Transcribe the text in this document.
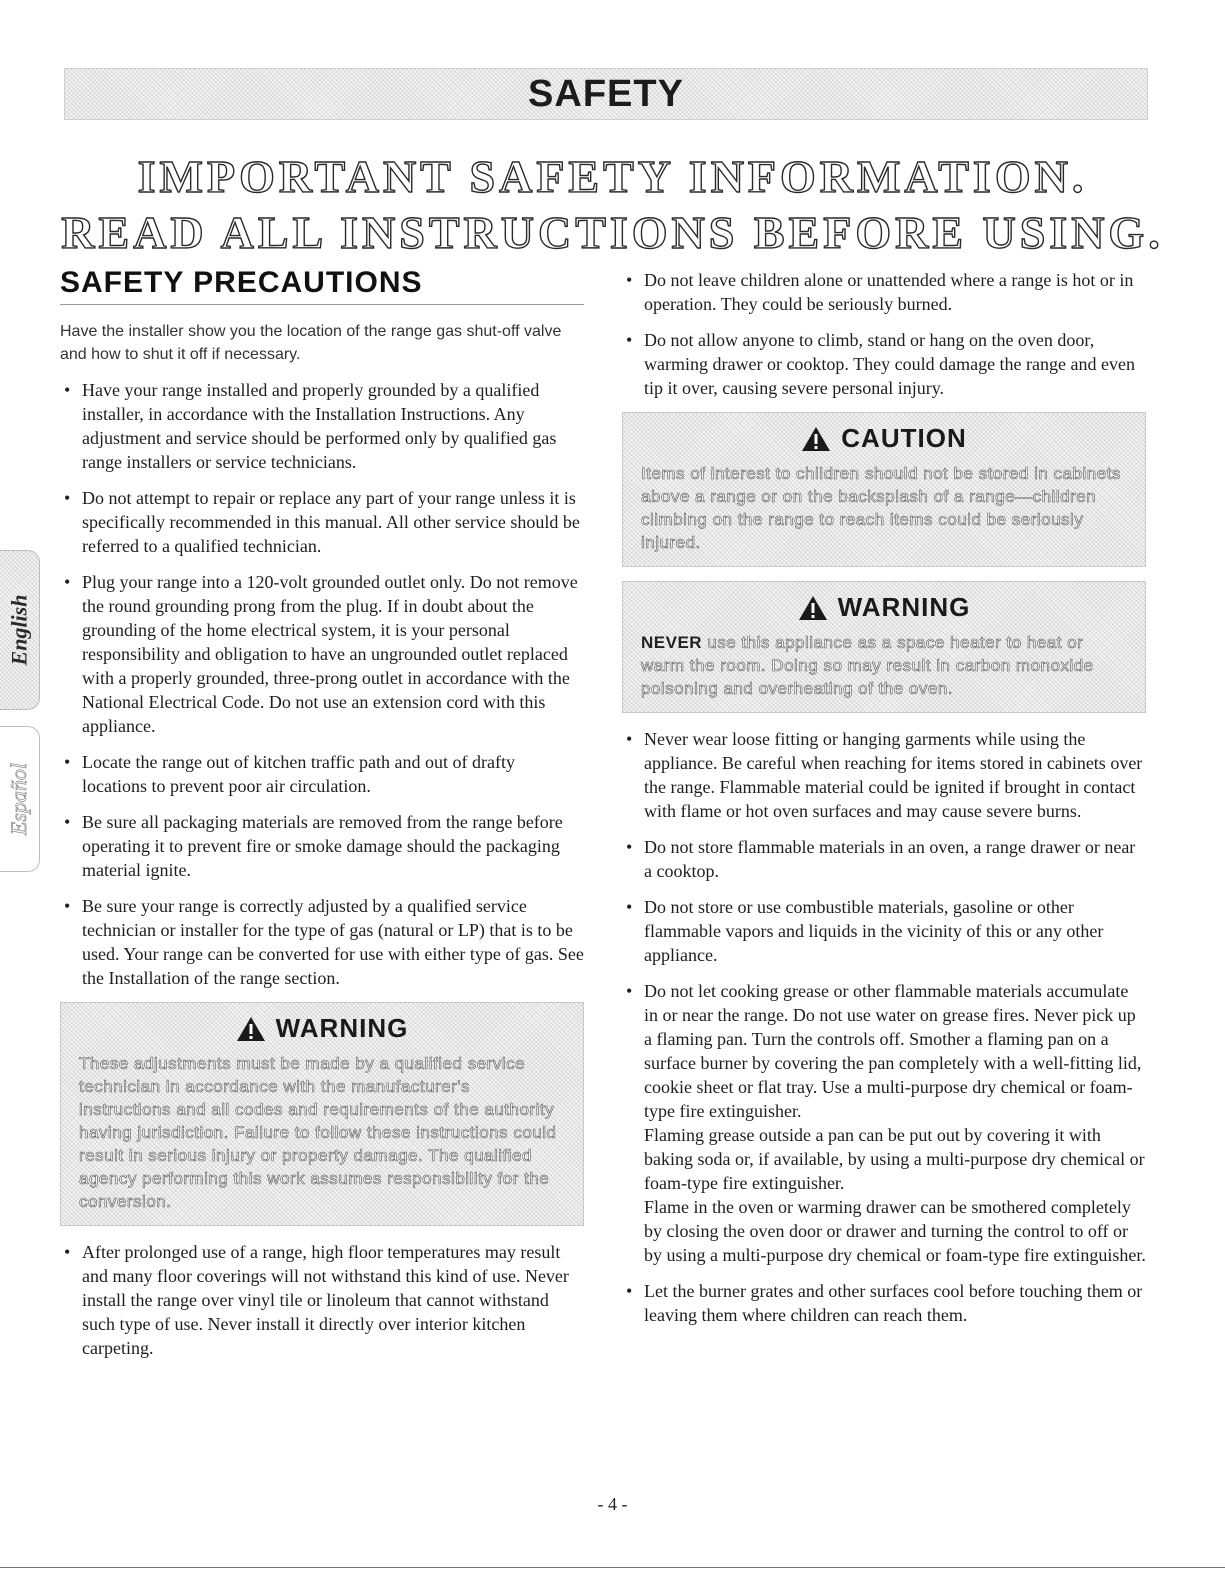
SAFETY
IMPORTANT SAFETY INFORMATION.
READ ALL INSTRUCTIONS BEFORE USING.
SAFETY PRECAUTIONS

Have the installer show you the location of the range gas shut-off valve and how to shut it off if necessary.

• Have your range installed and properly grounded by a qualified installer, in accordance with the Installation Instructions. Any adjustment and service should be performed only by qualified gas range installers or service technicians.
• Do not attempt to repair or replace any part of your range unless it is specifically recommended in this manual. All other service should be referred to a qualified technician.
• Plug your range into a 120-volt grounded outlet only. Do not remove the round grounding prong from the plug. If in doubt about the grounding of the home electrical system, it is your personal responsibility and obligation to have an ungrounded outlet replaced with a properly grounded, three-prong outlet in accordance with the National Electrical Code. Do not use an extension cord with this appliance.
• Locate the range out of kitchen traffic path and out of drafty locations to prevent poor air circulation.
• Be sure all packaging materials are removed from the range before operating it to prevent fire or smoke damage should the packaging material ignite.
• Be sure your range is correctly adjusted by a qualified service technician or installer for the type of gas (natural or LP) that is to be used. Your range can be converted for use with either type of gas. See the Installation of the range section.
WARNING
These adjustments must be made by a qualified service technician in accordance with the manufacturer's instructions and all codes and requirements of the authority having jurisdiction. Failure to follow these instructions could result in serious injury or property damage. The qualified agency performing this work assumes responsibility for the conversion.
• After prolonged use of a range, high floor temperatures may result and many floor coverings will not withstand this kind of use. Never install the range over vinyl tile or linoleum that cannot withstand such type of use. Never install it directly over interior kitchen carpeting.
• Do not leave children alone or unattended where a range is hot or in operation. They could be seriously burned.
• Do not allow anyone to climb, stand or hang on the oven door, warming drawer or cooktop. They could damage the range and even tip it over, causing severe personal injury.
CAUTION
Items of interest to children should not be stored in cabinets above a range or on the backsplash of a range—children climbing on the range to reach items could be seriously injured.
WARNING
NEVER use this appliance as a space heater to heat or warm the room. Doing so may result in carbon monoxide poisoning and overheating of the oven.
• Never wear loose fitting or hanging garments while using the appliance. Be careful when reaching for items stored in cabinets over the range. Flammable material could be ignited if brought in contact with flame or hot oven surfaces and may cause severe burns.
• Do not store flammable materials in an oven, a range drawer or near a cooktop.
• Do not store or use combustible materials, gasoline or other flammable vapors and liquids in the vicinity of this or any other appliance.
• Do not let cooking grease or other flammable materials accumulate in or near the range. Do not use water on grease fires. Never pick up a flaming pan. Turn the controls off. Smother a flaming pan on a surface burner by covering the pan completely with a well-fitting lid, cookie sheet or flat tray. Use a multi-purpose dry chemical or foam-type fire extinguisher.
Flaming grease outside a pan can be put out by covering it with baking soda or, if available, by using a multi-purpose dry chemical or foam-type fire extinguisher.
Flame in the oven or warming drawer can be smothered completely by closing the oven door or drawer and turning the control to off or by using a multi-purpose dry chemical or foam-type fire extinguisher.
• Let the burner grates and other surfaces cool before touching them or leaving them where children can reach them.
English
Español
- 4 -
